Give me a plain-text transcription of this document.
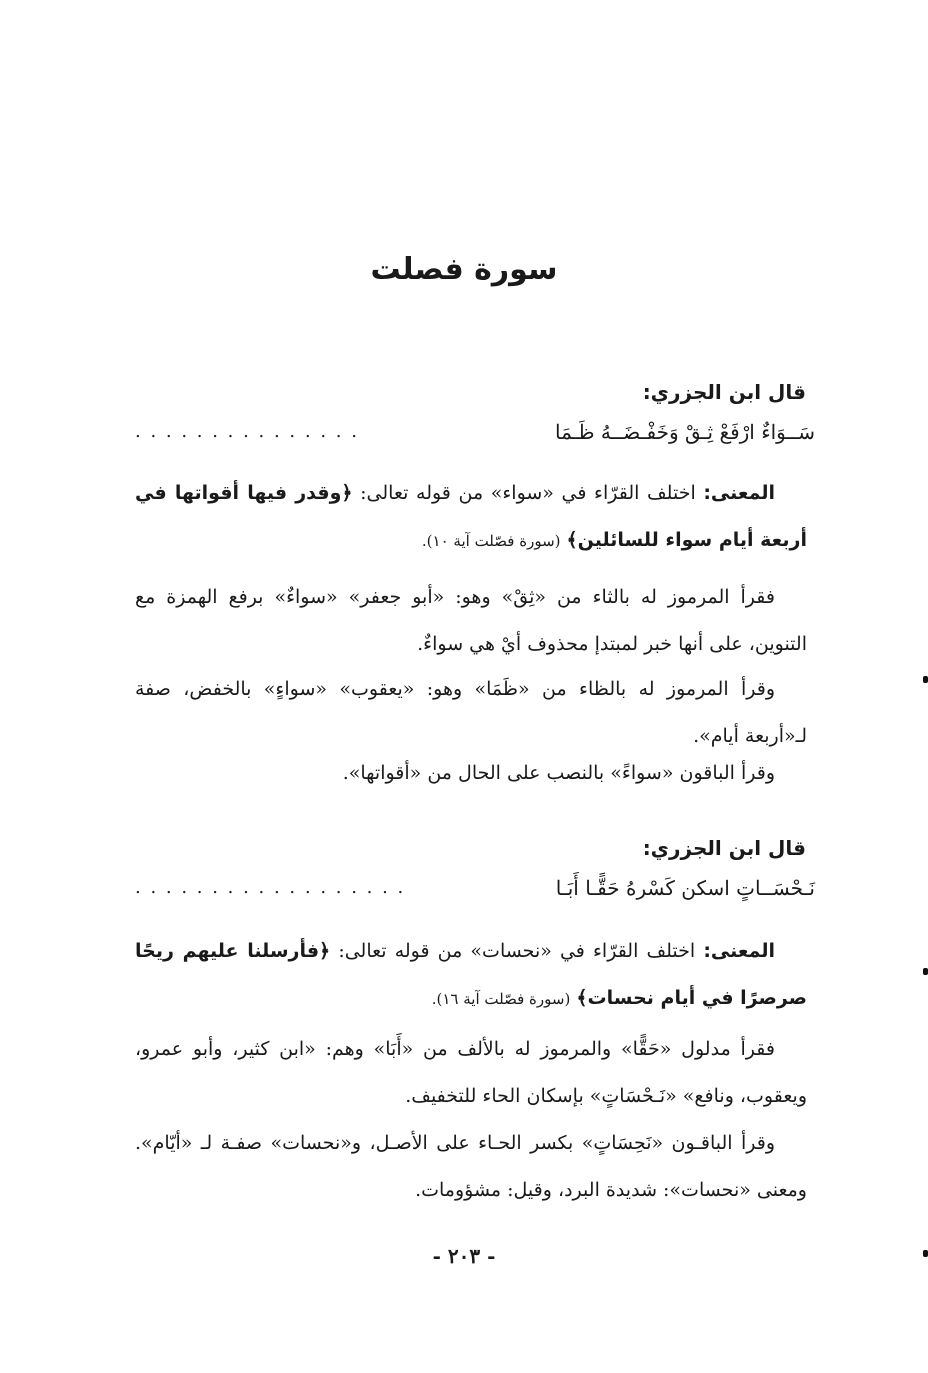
سورة فصلت
قال ابن الجزري:
سَــوَاءٌ ارْفَعْ ثِـقْ وَخَفْـضَــهُ ظَـمَا
. . . . . . . . . . . . . . .
المعنى: اختلف القرّاء في «سواء» من قوله تعالى: ﴿وقدر فيها أقواتها في أربعة أيام سواء للسائلين﴾ (سورة فصّلت آية ١٠).
فقرأ المرموز له بالثاء من «ثِقْ» وهو: «أبو جعفر» «سواءٌ» برفع الهمزة مع التنوين، على أنها خبر لمبتدإ محذوف أيْ هي سواءٌ.
وقرأ المرموز له بالظاء من «ظَمَا» وهو: «يعقوب» «سواءٍ» بالخفض، صفة لـ«أربعة أيام».
وقرأ الباقون «سواءً» بالنصب على الحال من «أقواتها».
قال ابن الجزري:
نَـحْسَــاتٍ اسكن كَسْرهُ حَقًّـا أَبَـا
. . . . . . . . . . . . . . . . . .
المعنى: اختلف القرّاء في «نحسات» من قوله تعالى: ﴿فأرسلنا عليهم ريحًا صرصرًا في أيام نحسات﴾ (سورة فصّلت آية ١٦).
فقرأ مدلول «حَقًّا» والمرموز له بالألف من «أَبَا» وهم: «ابن كثير، وأبو عمرو، ويعقوب، ونافع» «نَـحْسَاتٍ» بإسكان الحاء للتخفيف.
وقرأ الباقـون «نَحِسَاتٍ» بكسر الحـاء على الأصـل، و«نحسات» صفـة لـ «أيّام». ومعنى «نحسات»: شديدة البرد، وقيل: مشؤومات.
- ٢٠٣ -
